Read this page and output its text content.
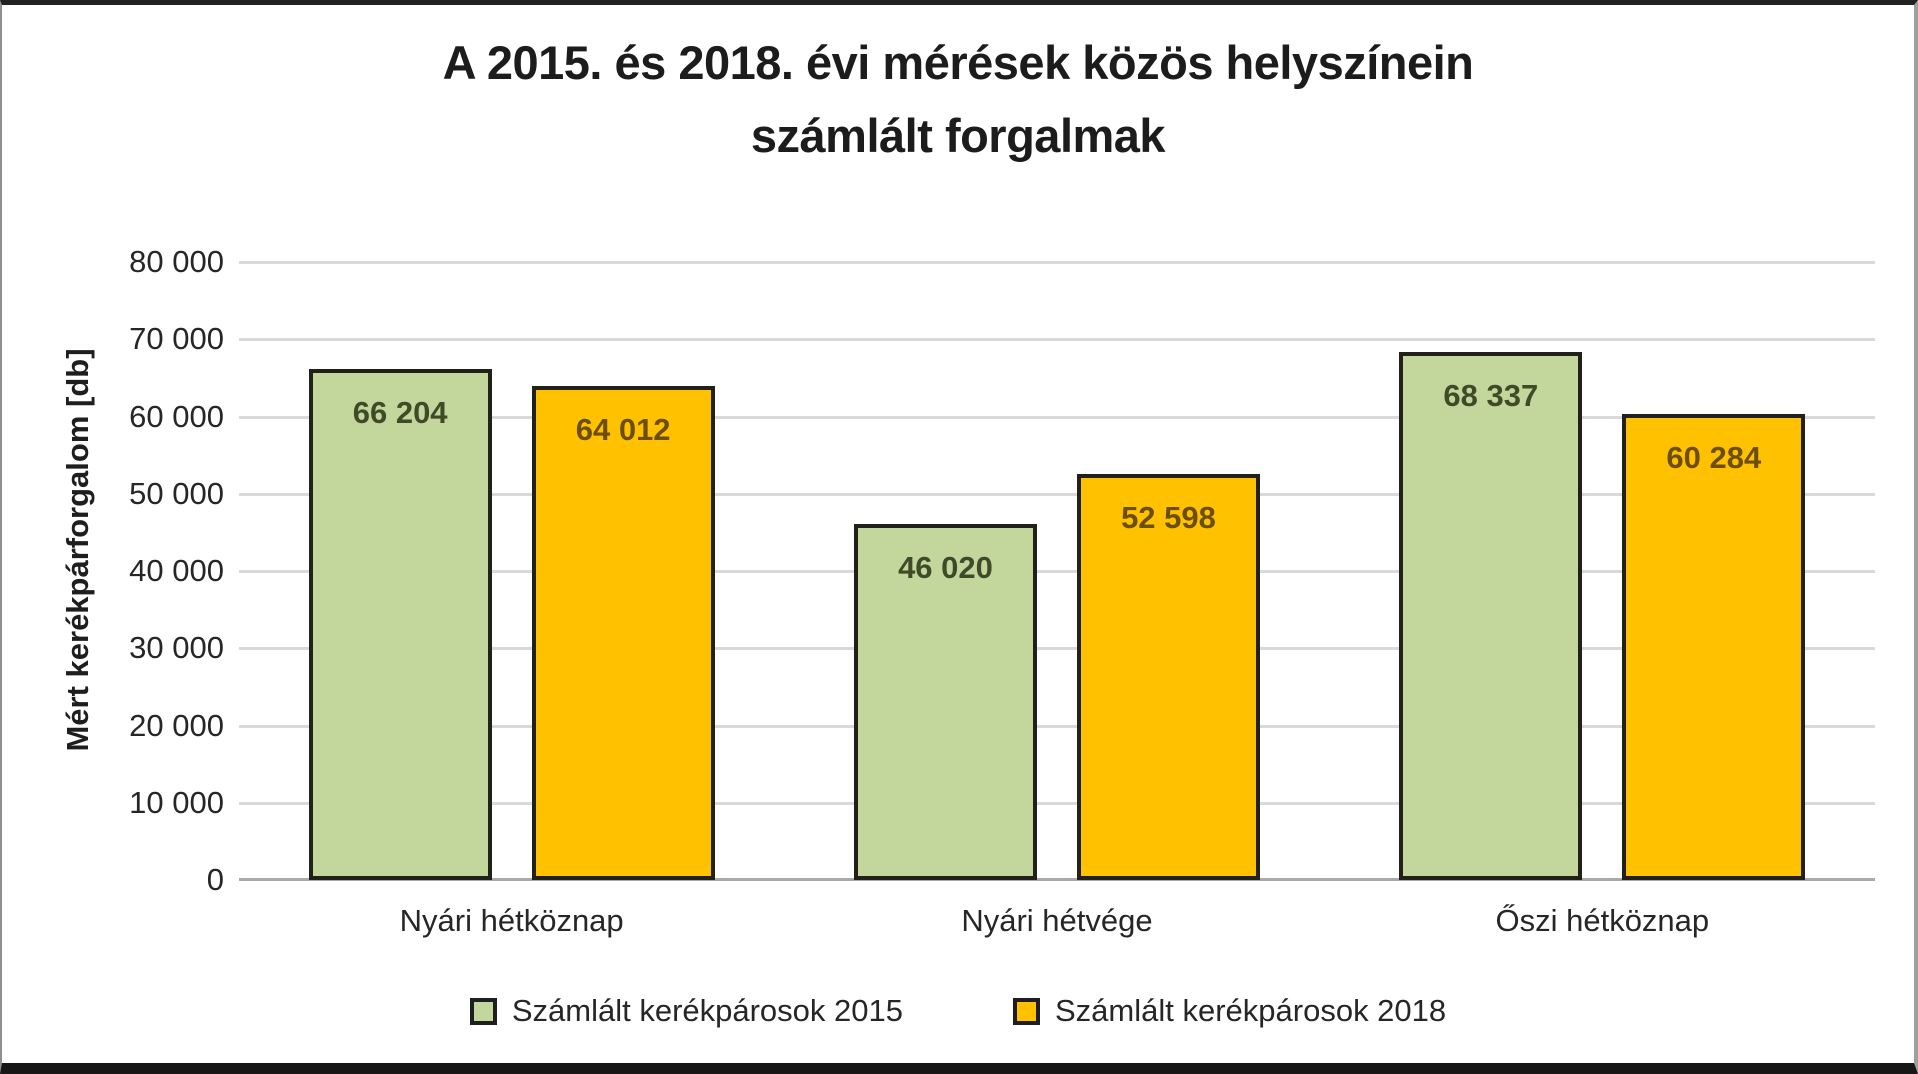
A 2015. és 2018. évi mérések közös helyszínein
számlált forgalmak
Mért kerékpárforgalom [db]
0
10 000
20 000
30 000
40 000
50 000
60 000
70 000
80 000
66 204	64 012
46 020
52 598
68 337
60 284
Nyári hétköznap	Nyári hétvége	Őszi hétköznap
Számlált kerékpárosok 2015	Számlált kerékpárosok 2018
